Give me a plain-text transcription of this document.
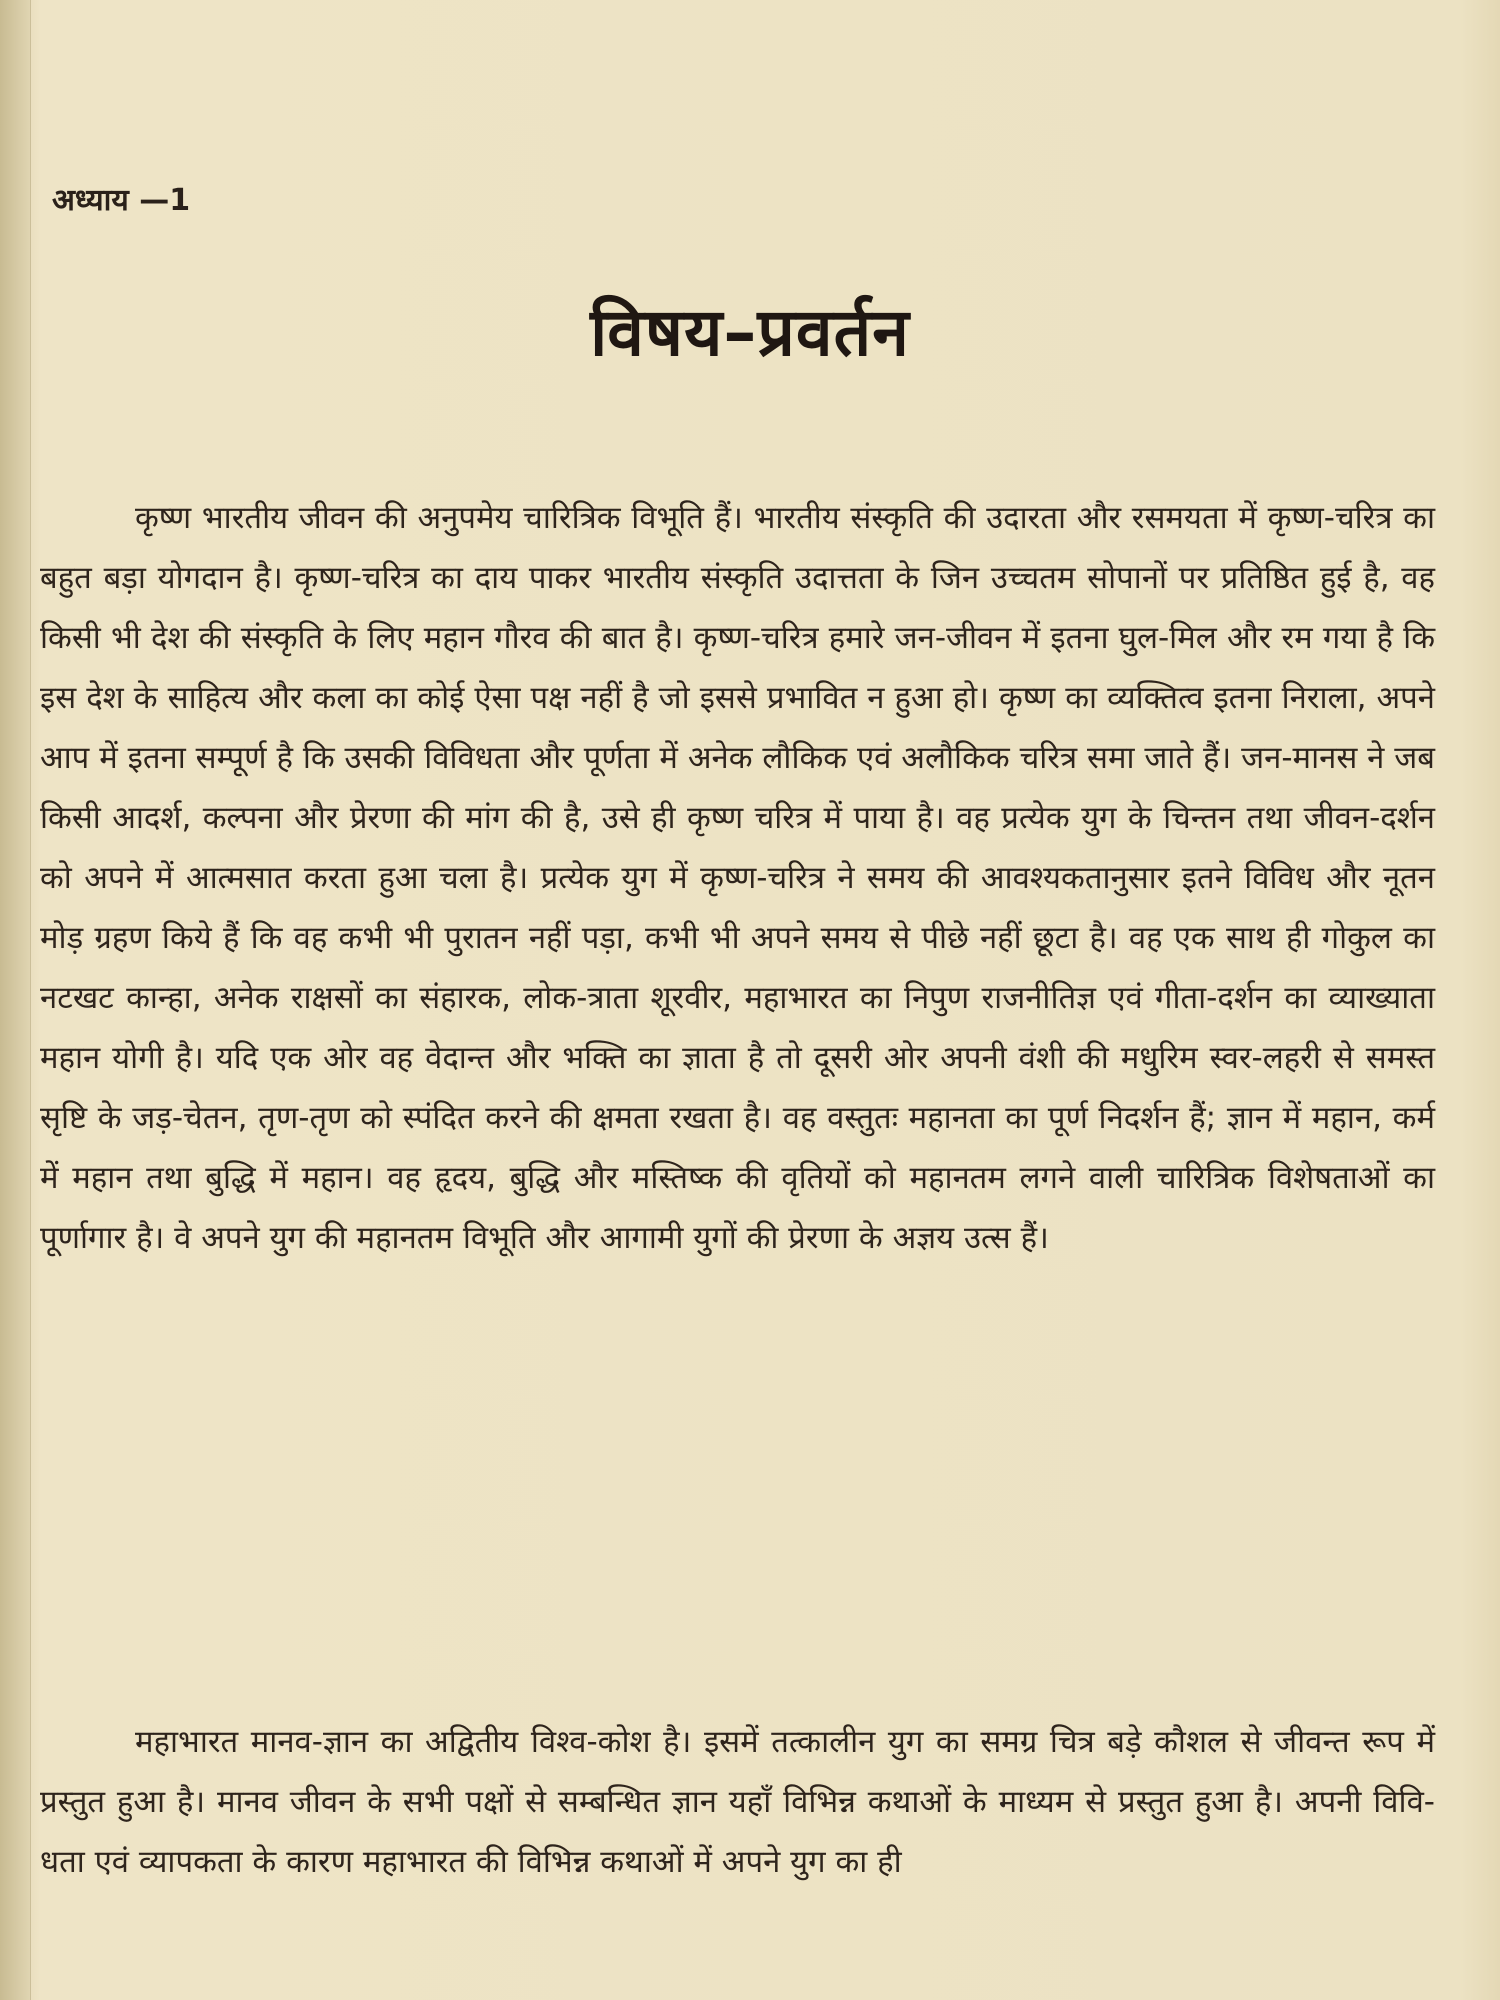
अध्याय —1
विषय–प्रवर्तन

कृष्ण भारतीय जीवन की अनुपमेय चारित्रिक विभूति हैं। भारतीय संस्कृति की उदारता और रसमयता में कृष्ण-चरित्र का बहुत बड़ा योगदान है। कृष्ण-चरित्र का दाय पाकर भारतीय संस्कृति उदात्तता के जिन उच्चतम सोपानों पर प्रतिष्ठित हुई है, वह किसी भी देश की संस्कृति के लिए महान गौरव की बात है। कृष्ण-चरित्र हमारे जन-जीवन में इतना घुल-मिल और रम गया है कि इस देश के साहित्य और कला का कोई ऐसा पक्ष नहीं है जो इससे प्रभावित न हुआ हो। कृष्ण का व्यक्तित्व इतना निराला, अपने आप में इतना सम्पूर्ण है कि उसकी विविधता और पूर्णता में अनेक लौकिक एवं अलौकिक चरित्र समा जाते हैं। जन-मानस ने जब किसी आदर्श, कल्पना और प्रेरणा की मांग की है, उसे ही कृष्ण चरित्र में पाया है। वह प्रत्येक युग के चिन्तन तथा जीवन-दर्शन को अपने में आत्मसात करता हुआ चला है। प्रत्येक युग में कृष्ण-चरित्र ने समय की आवश्यकतानुसार इतने विविध और नूतन मोड़ ग्रहण किये हैं कि वह कभी भी पुरातन नहीं पड़ा, कभी भी अपने समय से पीछे नहीं छूटा है। वह एक साथ ही गोकुल का नटखट कान्हा, अनेक राक्षसों का संहारक, लोक-त्राता शूरवीर, महाभारत का निपुण राजनीतिज्ञ एवं गीता-दर्शन का व्याख्याता महान योगी है। यदि एक ओर वह वेदान्त और भक्ति का ज्ञाता है तो दूसरी ओर अपनी वंशी की मधुरिम स्वर-लहरी से समस्त सृष्टि के जड़-चेतन, तृण-तृण को स्पंदित करने की क्षमता रखता है। वह वस्तुतः महानता का पूर्ण निदर्शन हैं; ज्ञान में महान, कर्म में महान तथा बुद्धि में महान। वह हृदय, बुद्धि और मस्तिष्क की वृतियों को महानतम लगने वाली चारित्रिक विशेषताओं का पूर्णागार है। वे अपने युग की महानतम विभूति और आगामी युगों की प्रेरणा के अज्ञय उत्स हैं।

महाभारत मानव-ज्ञान का अद्वितीय विश्व-कोश है। इसमें तत्कालीन युग का समग्र चित्र बड़े कौशल से जीवन्त रूप में प्रस्तुत हुआ है। मानव जीवन के सभी पक्षों से सम्बन्धित ज्ञान यहाँ विभिन्न कथाओं के माध्यम से प्रस्तुत हुआ है। अपनी विवि-धता एवं व्यापकता के कारण महाभारत की विभिन्न कथाओं में अपने युग का ही
